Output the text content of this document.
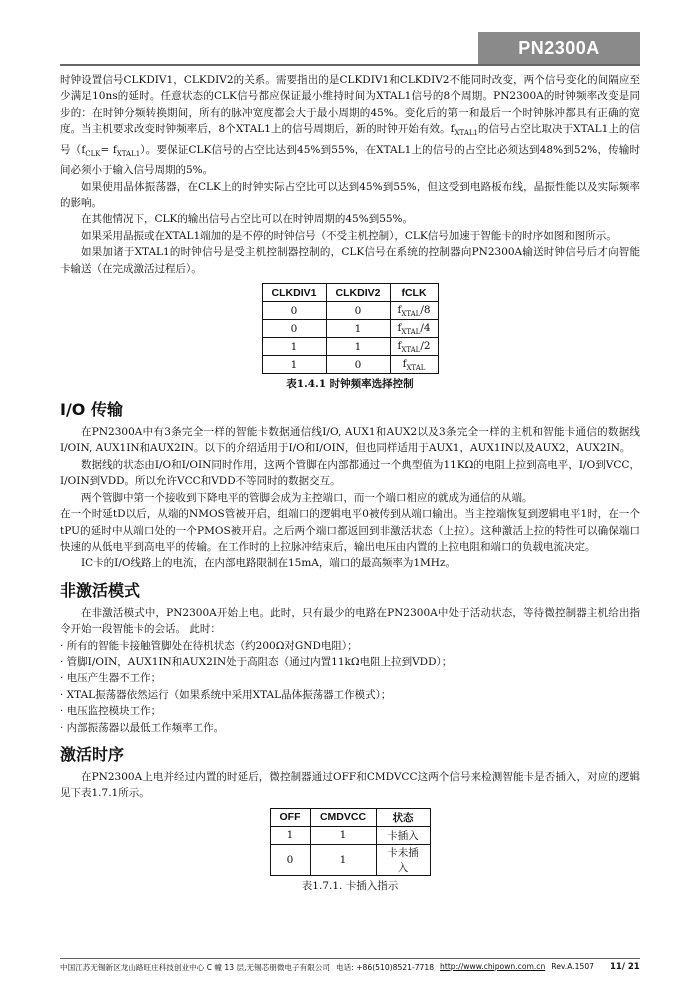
PN2300A
时钟设置信号CLKDIV1，CLKDIV2的关系。需要指出的是CLKDIV1和CLKDIV2不能同时改变，两个信号变化的间隔应至少满足10ns的延时。任意状态的CLK信号都应保证最小维持时间为XTAL1信号的8个周期。PN2300A的时钟频率改变是同步的：在时钟分频转换期间，所有的脉冲宽度都会大于最小周期的45%。变化后的第一和最后一个时钟脉冲都具有正确的宽度。当主机要求改变时钟频率后，8个XTAL1上的信号周期后，新的时钟开始有效。$f_{XTAL1}$的信号占空比取决于XTAL1上的信号$(f_{CLK}= f_{XTAL1})$。要保证CLK信号的占空比达到45%到55%，在XTAL1上的信号的占空比必须达到48%到52%，传输时间必须小于输入信号周期的5%。
如果使用晶体振荡器，在CLK上的时钟实际占空比可以达到45%到55%，但这受到电路板布线，晶振性能以及实际频率的影响。
在其他情况下，CLK的输出信号占空比可以在时钟周期的45%到55%。
如果采用晶振或在XTAL1端加的是不停的时钟信号（不受主机控制），CLK信号加速于智能卡的时序如图和图所示。
如果加诸于XTAL1的时钟信号是受主机控制器控制的，CLK信号在系统的控制器向PN2300A输送时钟信号后才向智能卡输送（在完成激活过程后）。
CLKDIV1	CLKDIV2	fCLK
0	0	$f_{XTAL}/8$
0	1	$f_{XTAL}/4$
1	1	$f_{XTAL}/2$
1	0	$f_{XTAL}$
表1.4.1 时钟频率选择控制
I/O 传输
在PN2300A中有3条完全一样的智能卡数据通信线I/O, AUX1和AUX2以及3条完全一样的主机和智能卡通信的数据线I/OIN, AUX1IN和AUX2IN。以下的介绍适用于I/O和I/OIN，但也同样适用于AUX1，AUX1IN以及AUX2，AUX2IN。
数据线的状态由I/O和I/OIN同时作用，这两个管脚在内部都通过一个典型值为11KΩ的电阻上拉到高电平，I/O到VCC，I/OIN到VDD。所以允许VCC和VDD不等同时的数据交互。
两个管脚中第一个接收到下降电平的管脚会成为主控端口，而一个端口相应的就成为通信的从端。
在一个时延tD以后，从端的NMOS管被开启，组端口的逻辑电平0被传到从端口输出。当主控端恢复到逻辑电平1时，在一个tPU的延时中从端口处的一个PMOS被开启。之后两个端口都返回到非激活状态（上拉）。这种激活上拉的特性可以确保端口快速的从低电平到高电平的传输。在工作时的上拉脉冲结束后，输出电压由内置的上拉电阻和端口的负载电流决定。
IC卡的I/O线路上的电流，在内部电路限制在15mA，端口的最高频率为1MHz。
非激活模式
在非激活模式中，PN2300A开始上电。此时，只有最少的电路在PN2300A中处于活动状态，等待微控制器主机给出指令开始一段智能卡的会话。 此时：
· 所有的智能卡接触管脚处在待机状态（约200Ω对GND电阻）；
· 管脚I/OIN，AUX1IN和AUX2IN处于高阻态（通过内置11kΩ电阻上拉到VDD）；
· 电压产生器不工作；
· XTAL振荡器依然运行（如果系统中采用XTAL晶体振荡器工作模式）；
· 电压监控模块工作；
· 内部振荡器以最低工作频率工作。
激活时序
在PN2300A上电并经过内置的时延后，微控制器通过OFF和CMDVCC这两个信号来检测智能卡是否插入，对应的逻辑见下表1.7.1所示。
OFF	CMDVCC	状态
1	1	卡插入
0	1	卡未插入
表1.7.1. 卡插入指示
中国江苏无锡新区龙山路旺庄科技创业中心 C 幢 13 层,无锡芯朋微电子有限公司 电话: +86(510)8521-7718 http://www.chipown.com.cn Rev.A.1507 11/ 21
